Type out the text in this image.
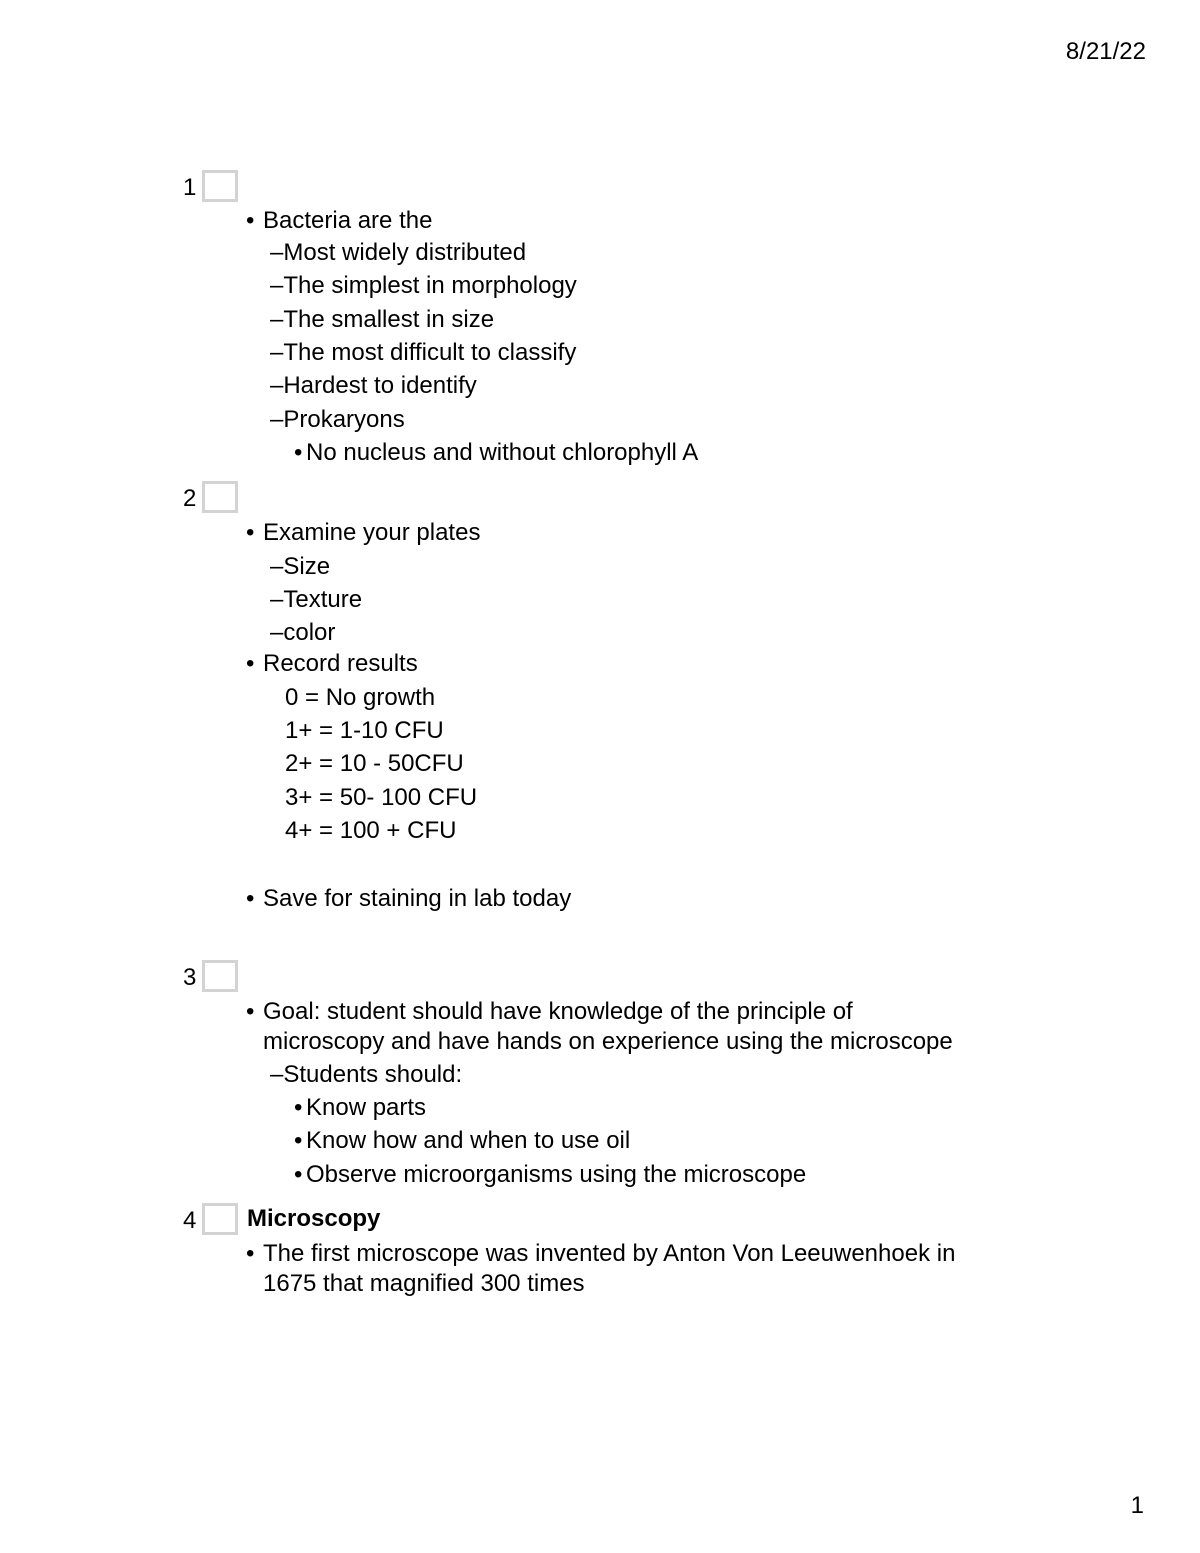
8/21/22
1
1
• Bacteria are the
–Most widely distributed
–The simplest in morphology
–The smallest in size
–The most difficult to classify
–Hardest to identify
–Prokaryons
• No nucleus and without chlorophyll A
2
• Examine your plates
–Size
–Texture
–color
• Record results
0 = No growth
1+ = 1-10 CFU
2+ = 10 - 50CFU
3+ = 50- 100 CFU
4+ = 100 + CFU
• Save for staining in lab today
3
• Goal: student should have knowledge of the principle of
microscopy and have hands on experience using the microscope
–Students should:
• Know parts
• Know how and when to use oil
• Observe microorganisms using the microscope
4 Microscopy
• The first microscope was invented by Anton Von Leeuwenhoek in
1675 that magnified 300 times
